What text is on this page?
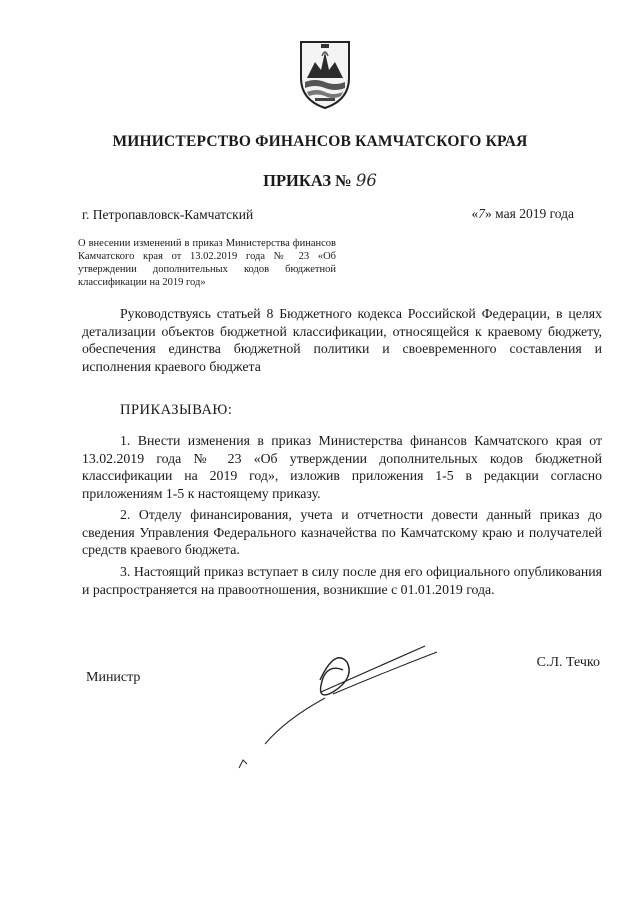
МИНИСТЕРСТВО ФИНАНСОВ КАМЧАТСКОГО КРАЯ
ПРИКАЗ № 96
г. Петропавловск-Камчатский	«7» мая 2019 года
О внесении изменений в приказ Министерства финансов Камчатского края от 13.02.2019 года № 23 «Об утверждении дополнительных кодов бюджетной классификации на 2019 год»
Руководствуясь статьей 8 Бюджетного кодекса Российской Федерации, в целях детализации объектов бюджетной классификации, относящейся к краевому бюджету, обеспечения единства бюджетной политики и своевременного составления и исполнения краевого бюджета
ПРИКАЗЫВАЮ:
1. Внести изменения в приказ Министерства финансов Камчатского края от 13.02.2019 года № 23 «Об утверждении дополнительных кодов бюджетной классификации на 2019 год», изложив приложения 1-5 в редакции согласно приложениям 1-5 к настоящему приказу.
2. Отделу финансирования, учета и отчетности довести данный приказ до сведения Управления Федерального казначейства по Камчатскому краю и получателей средств краевого бюджета.
3. Настоящий приказ вступает в силу после дня его официального опубликования и распространяется на правоотношения, возникшие с 01.01.2019 года.
Министр
С.Л. Течко
